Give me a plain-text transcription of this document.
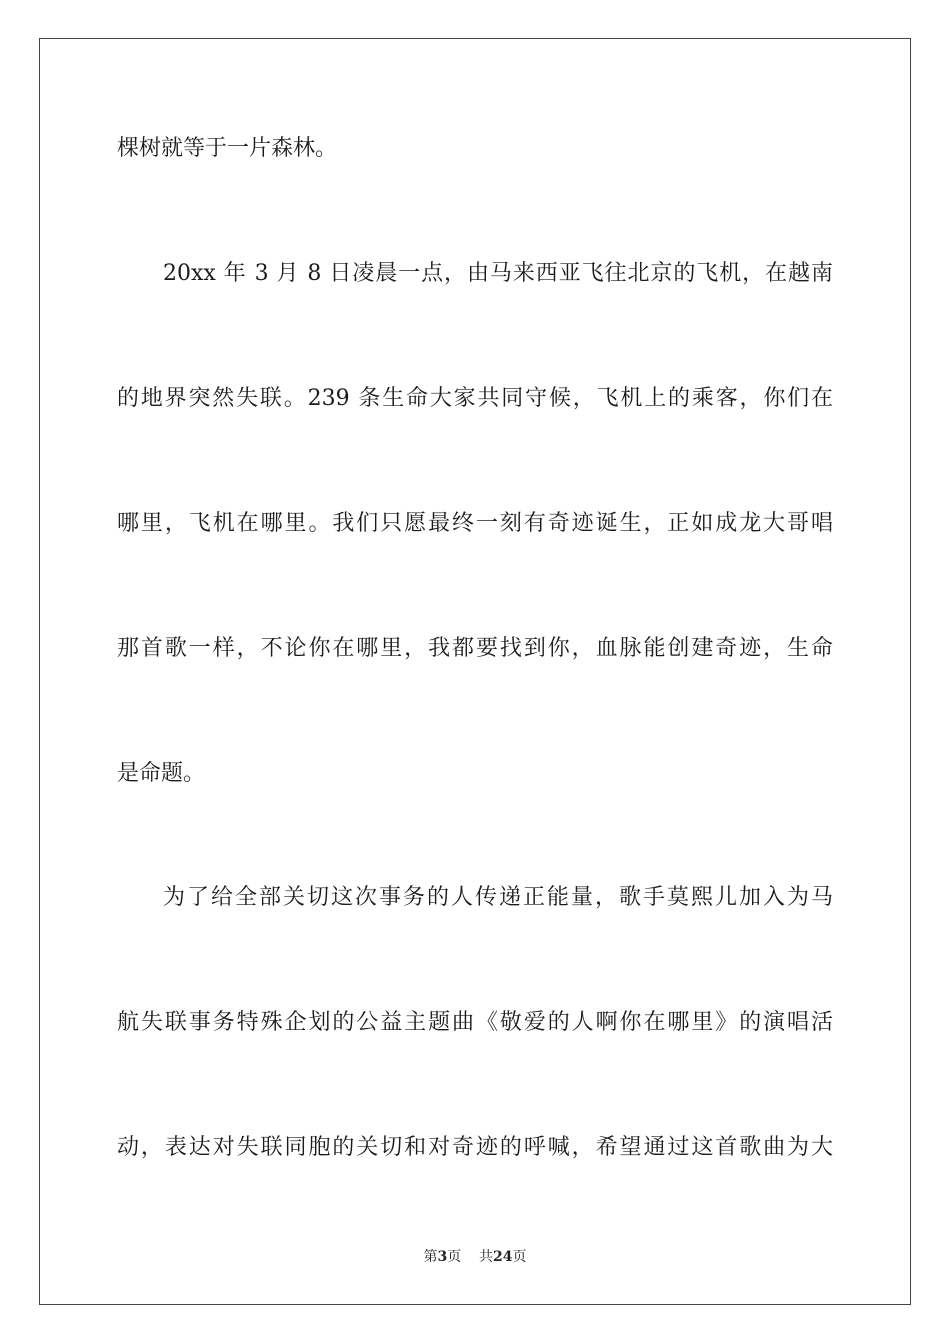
棵树就等于一片森林。
20xx 年 3 月 8 日凌晨一点，由马来西亚飞往北京的飞机，在越南
的地界突然失联。239 条生命大家共同守候，飞机上的乘客，你们在
哪里，飞机在哪里。我们只愿最终一刻有奇迹诞生，正如成龙大哥唱
那首歌一样，不论你在哪里，我都要找到你，血脉能创建奇迹，生命
是命题。
为了给全部关切这次事务的人传递正能量，歌手莫熙儿加入为马
航失联事务特殊企划的公益主题曲《敬爱的人啊你在哪里》的演唱活
动，表达对失联同胞的关切和对奇迹的呼喊，希望通过这首歌曲为大
第3页 共24页
